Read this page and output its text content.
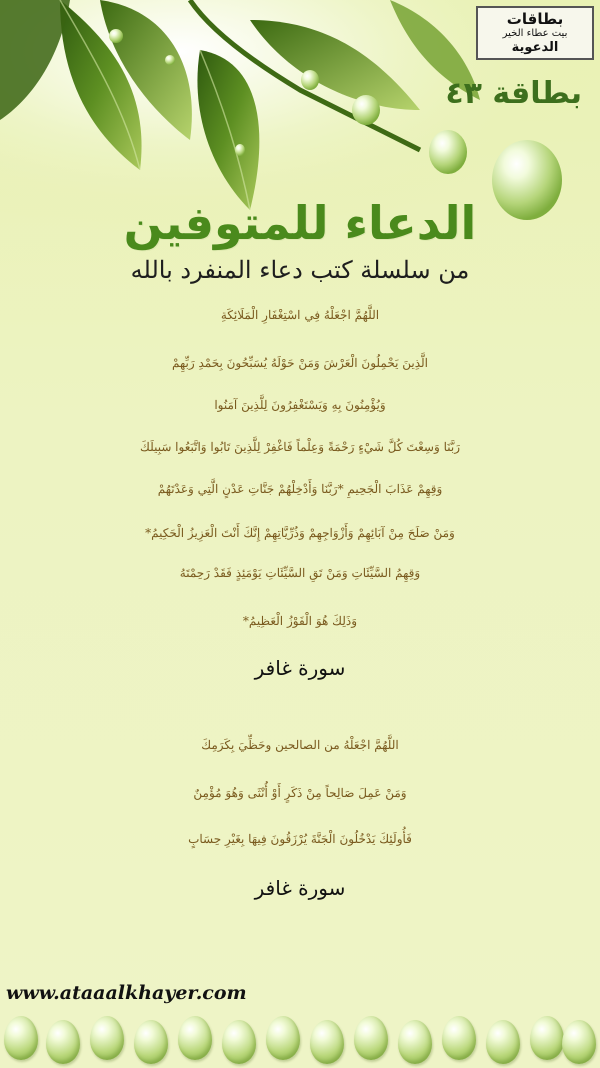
بطاقات
بيت عطاء الخير
الدعوية
بطاقة ٤٣
الدعاء للمتوفين
من سلسلة كتب دعاء المنفرد بالله
اللَّهُمَّ اجْعَلْهُ فِي اسْتِغْفَارِ الْمَلَائِكَةِ
الَّذِينَ يَحْمِلُونَ الْعَرْشَ وَمَنْ حَوْلَهُ يُسَبِّحُونَ بِحَمْدِ رَبِّهِمْ
وَيُؤْمِنُونَ بِهِ وَيَسْتَغْفِرُونَ لِلَّذِينَ آمَنُوا
رَبَّنَا وَسِعْتَ كُلَّ شَيْءٍ رَحْمَةً وَعِلْماً فَاغْفِرْ لِلَّذِينَ تَابُوا وَاتَّبَعُوا سَبِيلَكَ
وَقِهِمْ عَذَابَ الْجَحِيمِ *رَبَّنَا وَأَدْخِلْهُمْ جَنَّاتِ عَدْنٍ الَّتِي وَعَدْتَهُمْ
وَمَنْ صَلَحَ مِنْ آبَائِهِمْ وَأَزْوَاجِهِمْ وَذُرِّيَّاتِهِمْ إِنَّكَ أَنْتَ الْعَزِيزُ الْحَكِيمُ*
وَقِهِمُ السَّيِّئَاتِ وَمَنْ تَقِ السَّيِّئَاتِ يَوْمَئِذٍ فَقَدْ رَحِمْتَهُ
وَذَلِكَ هُوَ الْفَوْزُ الْعَظِيمُ*
سورة غافر
اللَّهُمَّ اجْعَلْهُ من الصالحين وحَظِّيَ بِكَرَمِكَ
وَمَنْ عَمِلَ صَالِحاً مِنْ ذَكَرٍ أَوْ أُنْثَى وَهُوَ مُؤْمِنٌ
فَأُولَئِكَ يَدْخُلُونَ الْجَنَّةَ يُرْزَقُونَ فِيهَا بِغَيْرِ حِسَابٍ
سورة غافر
www.ataaalkhayer.com
